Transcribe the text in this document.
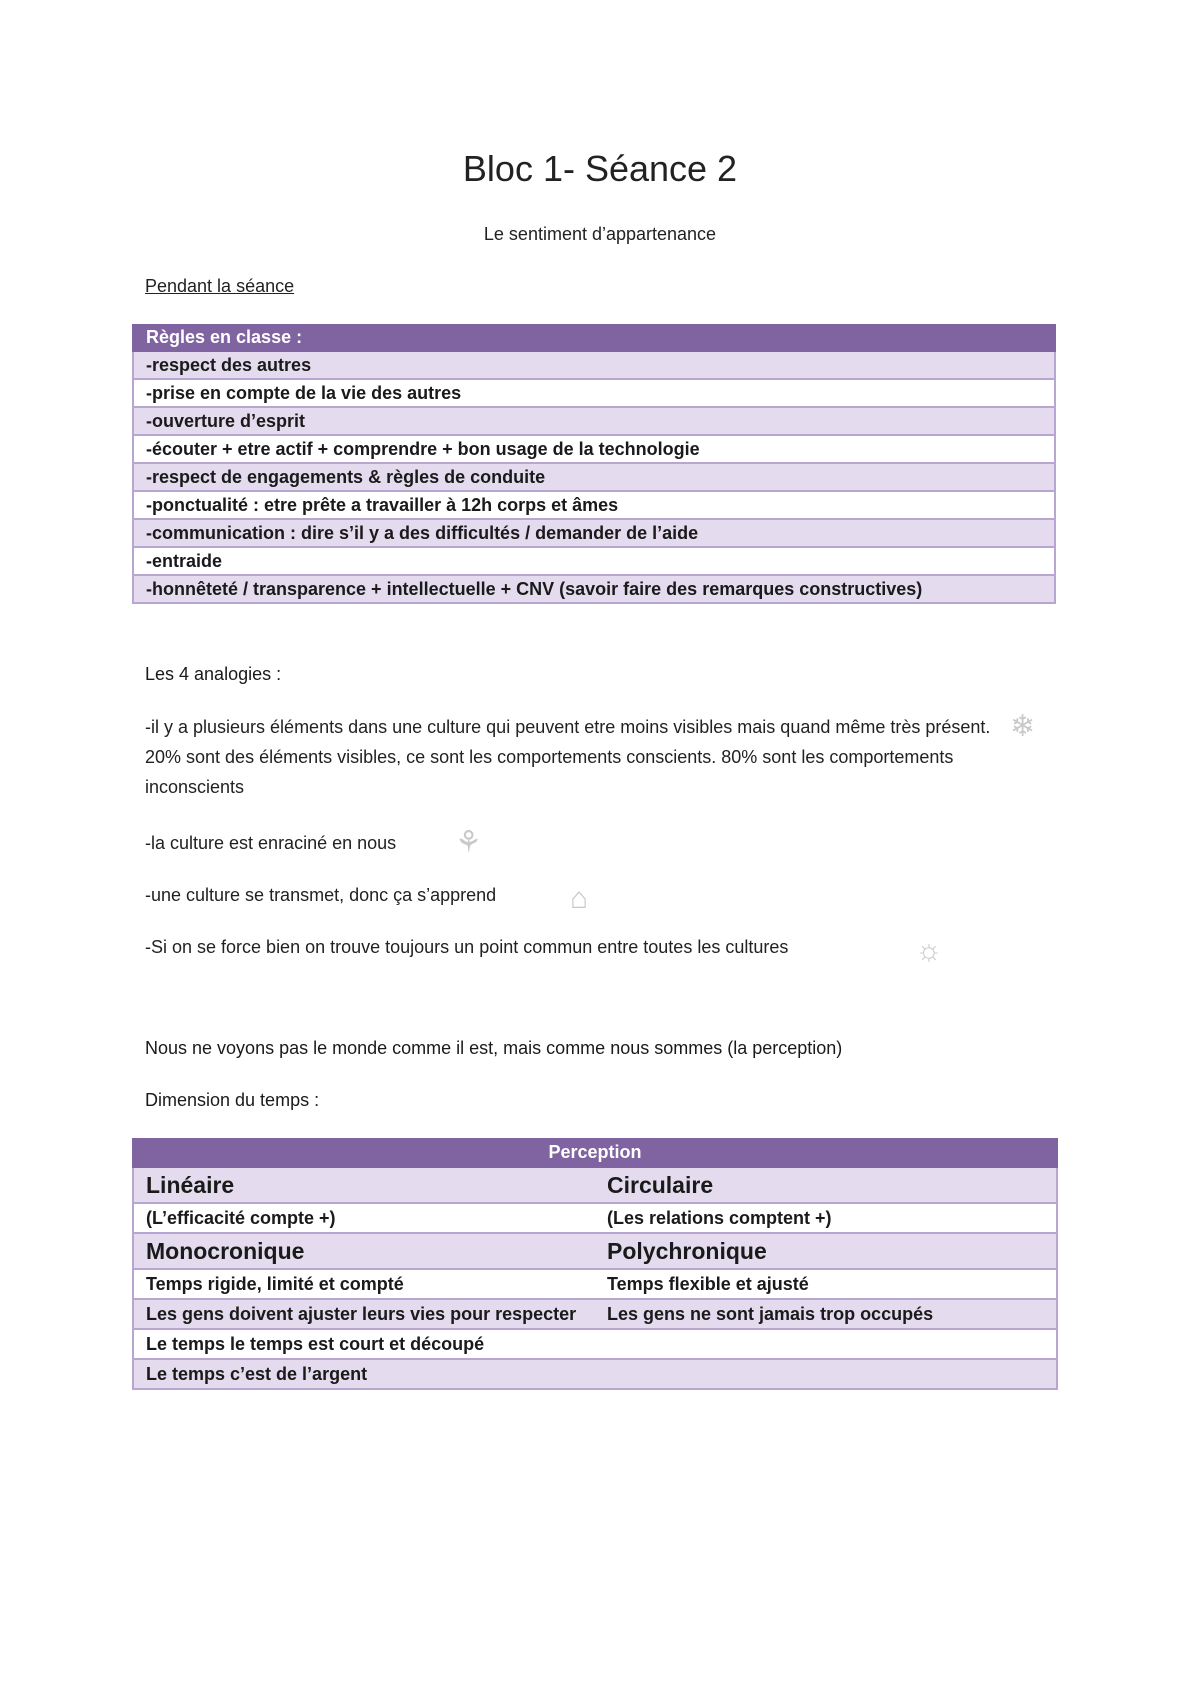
Bloc 1- Séance 2
Le sentiment d’appartenance
Pendant la séance
Règles en classe :
-respect des autres
-prise en compte de la vie des autres
-ouverture d’esprit
-écouter + etre actif + comprendre + bon usage de la technologie
-respect de engagements & règles de conduite
-ponctualité : etre prête a travailler à 12h corps et âmes
-communication : dire s’il y a des difficultés / demander de l’aide
-entraide
-honnêteté / transparence + intellectuelle + CNV (savoir faire des remarques constructives)
Les 4 analogies :
-il y a plusieurs éléments dans une culture qui peuvent etre moins visibles mais quand même très présent. 20% sont des éléments visibles, ce sont les comportements conscients. 80% sont les comportements inconscients
❄
-la culture est enraciné en nous	⚘
-une culture se transmet, donc ça s’apprend	⌂
-Si on se force bien on trouve toujours un point commun entre toutes les cultures	☼
Nous ne voyons pas le monde comme il est, mais comme nous sommes (la perception)
Dimension du temps :
Perception	
Linéaire	Circulaire
(L’efficacité compte +)	(Les relations comptent +)
Monocronique	Polychronique
Temps rigide, limité et compté	Temps flexible et ajusté
Les gens doivent ajuster leurs vies pour respecter	Les gens ne sont jamais trop occupés
Le temps le temps est court et découpé	
Le temps c’est de l’argent	
